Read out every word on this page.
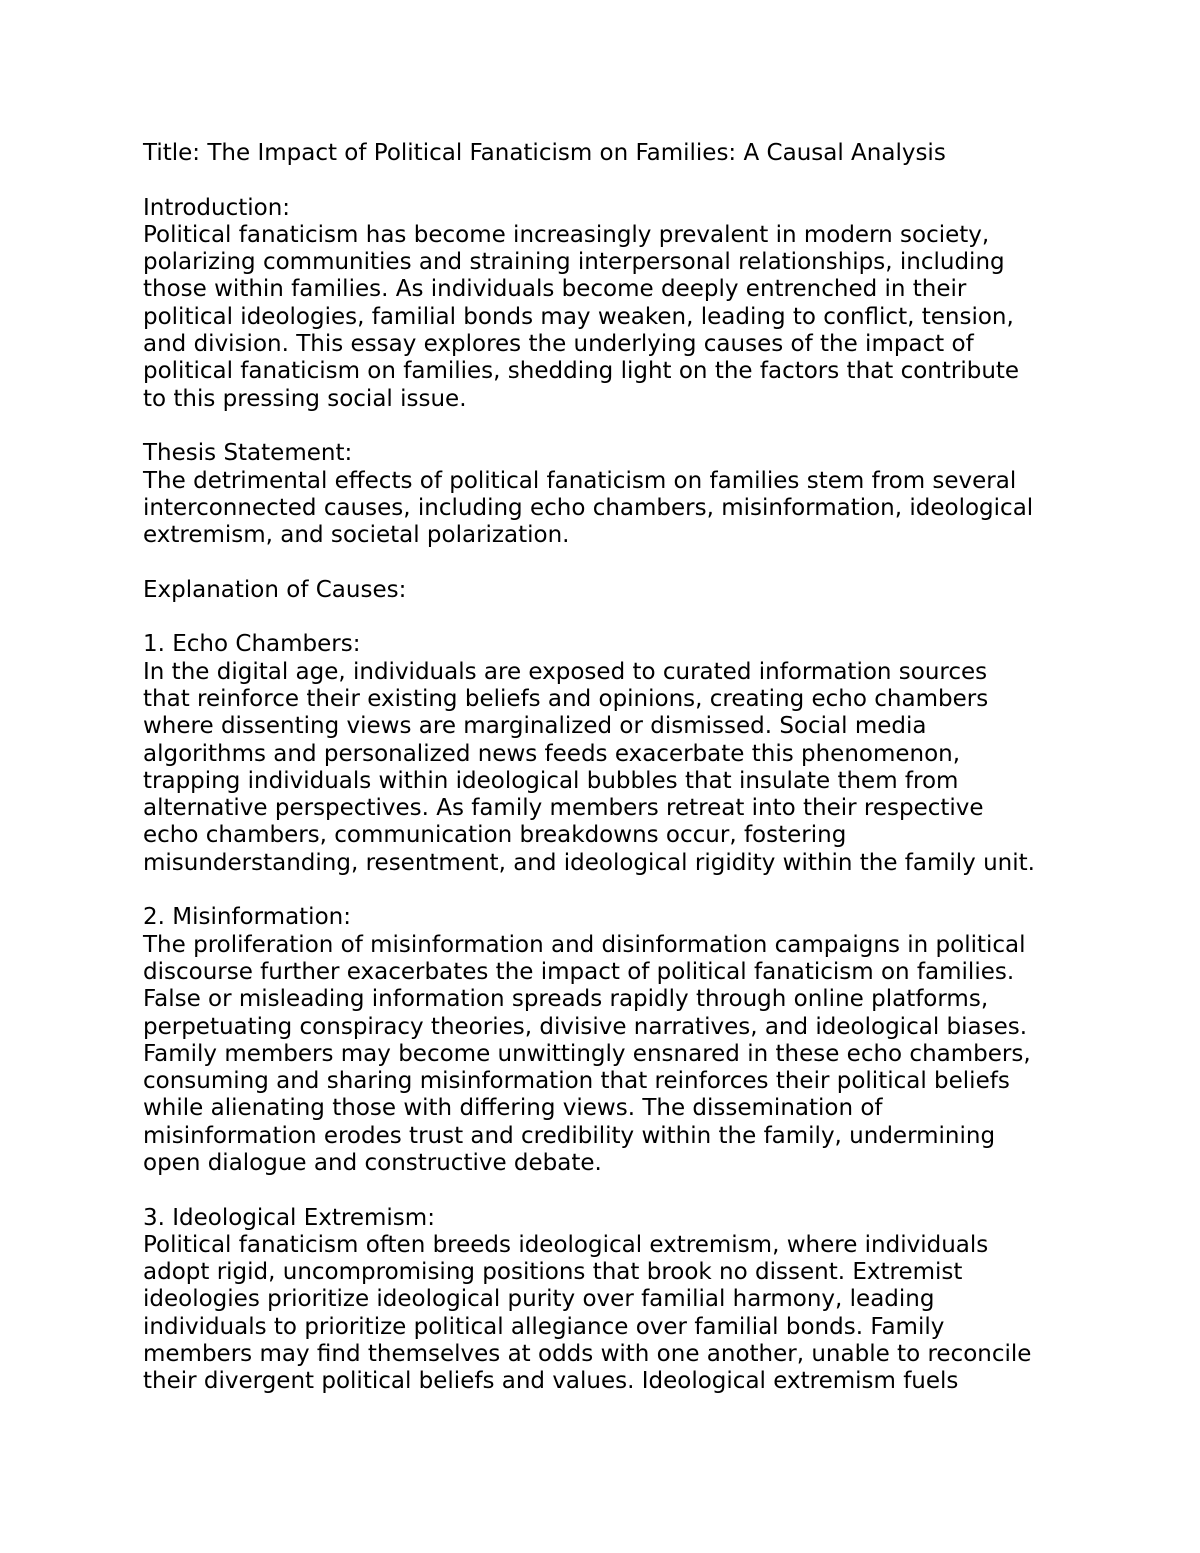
Title: The Impact of Political Fanaticism on Families: A Causal Analysis
Introduction:
Political fanaticism has become increasingly prevalent in modern society,
polarizing communities and straining interpersonal relationships, including
those within families. As individuals become deeply entrenched in their
political ideologies, familial bonds may weaken, leading to conflict, tension,
and division. This essay explores the underlying causes of the impact of
political fanaticism on families, shedding light on the factors that contribute
to this pressing social issue.
Thesis Statement:
The detrimental effects of political fanaticism on families stem from several
interconnected causes, including echo chambers, misinformation, ideological
extremism, and societal polarization.
Explanation of Causes:
1. Echo Chambers:
In the digital age, individuals are exposed to curated information sources
that reinforce their existing beliefs and opinions, creating echo chambers
where dissenting views are marginalized or dismissed. Social media
algorithms and personalized news feeds exacerbate this phenomenon,
trapping individuals within ideological bubbles that insulate them from
alternative perspectives. As family members retreat into their respective
echo chambers, communication breakdowns occur, fostering
misunderstanding, resentment, and ideological rigidity within the family unit.
2. Misinformation:
The proliferation of misinformation and disinformation campaigns in political
discourse further exacerbates the impact of political fanaticism on families.
False or misleading information spreads rapidly through online platforms,
perpetuating conspiracy theories, divisive narratives, and ideological biases.
Family members may become unwittingly ensnared in these echo chambers,
consuming and sharing misinformation that reinforces their political beliefs
while alienating those with differing views. The dissemination of
misinformation erodes trust and credibility within the family, undermining
open dialogue and constructive debate.
3. Ideological Extremism:
Political fanaticism often breeds ideological extremism, where individuals
adopt rigid, uncompromising positions that brook no dissent. Extremist
ideologies prioritize ideological purity over familial harmony, leading
individuals to prioritize political allegiance over familial bonds. Family
members may find themselves at odds with one another, unable to reconcile
their divergent political beliefs and values. Ideological extremism fuels
